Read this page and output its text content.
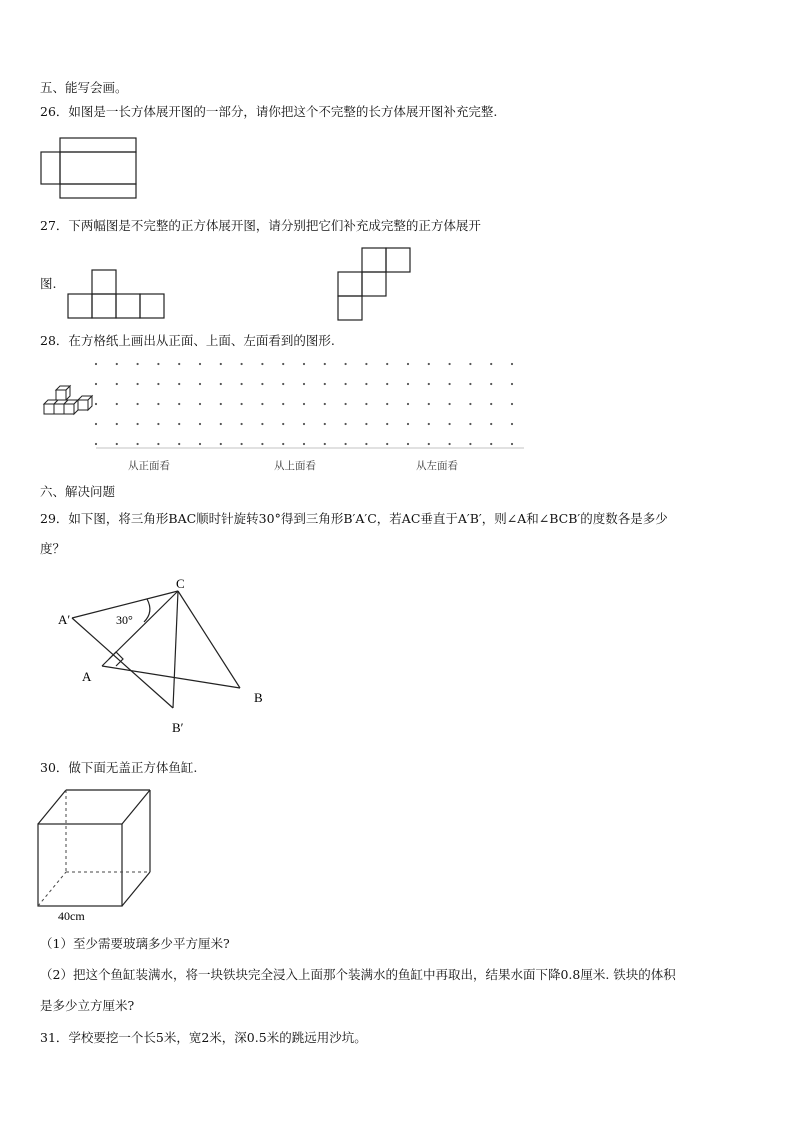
五、能写会画。
26．如图是一长方体展开图的一部分，请你把这个不完整的长方体展开图补充完整.
27．下两幅图是不完整的正方体展开图，请分别把它们补充成完整的正方体展开
图.
28．在方格纸上画出从正面、上面、左面看到的图形.
从正面看	从上面看	从左面看
六、解决问题
29．如下图，将三角形BAC顺时针旋转30°得到三角形B′A′C，若AC垂直于A′B′，则∠A和∠BCB′的度数各是多少
度？
A′
C
30°
A
B
B′
30．做下面无盖正方体鱼缸.
40cm
（1）至少需要玻璃多少平方厘米?
（2）把这个鱼缸装满水，将一块铁块完全浸入上面那个装满水的鱼缸中再取出，结果水面下降0.8厘米. 铁块的体积
是多少立方厘米?
31．学校要挖一个长5米，宽2米，深0.5米的跳远用沙坑。
